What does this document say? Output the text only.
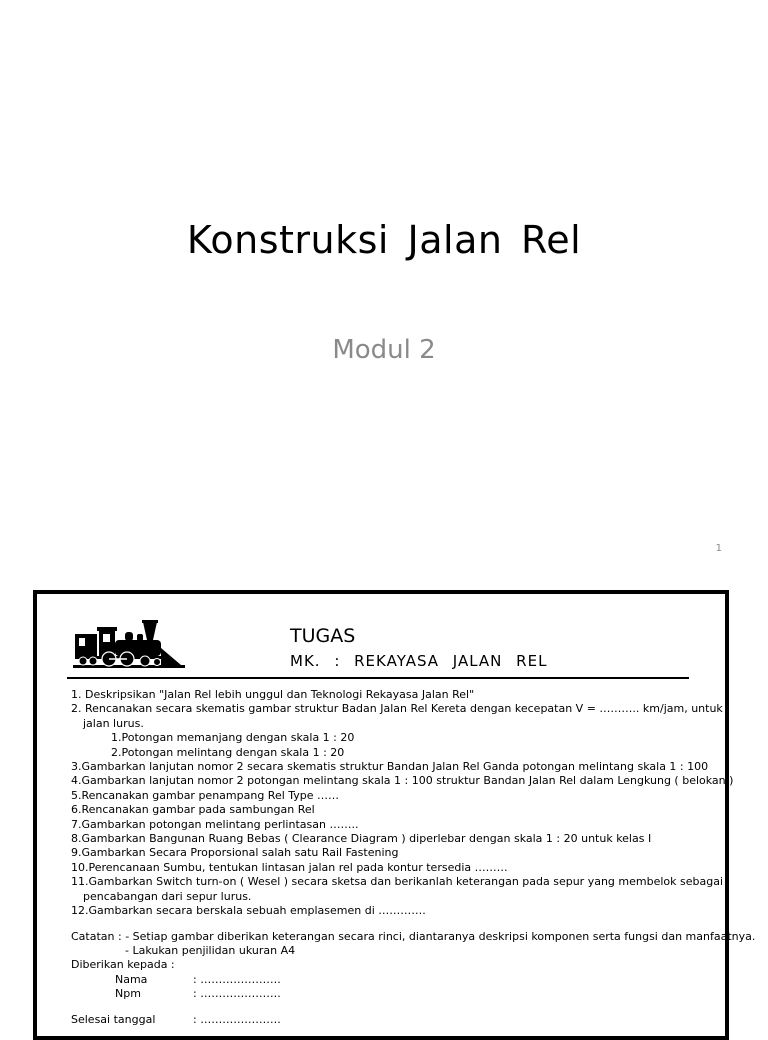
Konstruksi Jalan Rel
Modul 2
1
TUGAS
MK. : REKAYASA JALAN REL

1. Deskripsikan "Jalan Rel lebih unggul dan Teknologi Rekayasa Jalan Rel"

2. Rencanakan secara skematis gambar struktur Badan Jalan Rel Kereta dengan kecepatan V = ……….. km/jam, untuk

jalan lurus.

1.Potongan memanjang dengan skala 1 : 20

2.Potongan melintang dengan skala 1 : 20

3.Gambarkan lanjutan nomor 2 secara skematis struktur Bandan Jalan Rel Ganda potongan melintang skala 1 : 100

4.Gambarkan lanjutan nomor 2 potongan melintang skala 1 : 100 struktur Bandan Jalan Rel dalam Lengkung ( belokan )

5.Rencanakan gambar penampang Rel Type ……

6.Rencanakan gambar pada sambungan Rel

7.Gambarkan potongan melintang perlintasan ……..

8.Gambarkan Bangunan Ruang Bebas ( Clearance Diagram ) diperlebar dengan skala 1 : 20 untuk kelas I

9.Gambarkan Secara Proporsional salah satu Rail Fastening

10.Perencanaan Sumbu, tentukan lintasan jalan rel pada kontur tersedia ………

11.Gambarkan Switch turn-on ( Wesel ) secara sketsa dan berikanlah keterangan pada sepur yang membelok sebagai

pencabangan dari sepur lurus.

12.Gambarkan secara berskala sebuah emplasemen di ………….

Catatan : - Setiap gambar diberikan keterangan secara rinci, diantaranya deskripsi komponen serta fungsi dan manfaatnya.

- Lakukan penjilidan ukuran A4

Diberikan kepada :

Nama	: ………………….
Npm	: ………………….
Selesai tanggal	: ………………….
